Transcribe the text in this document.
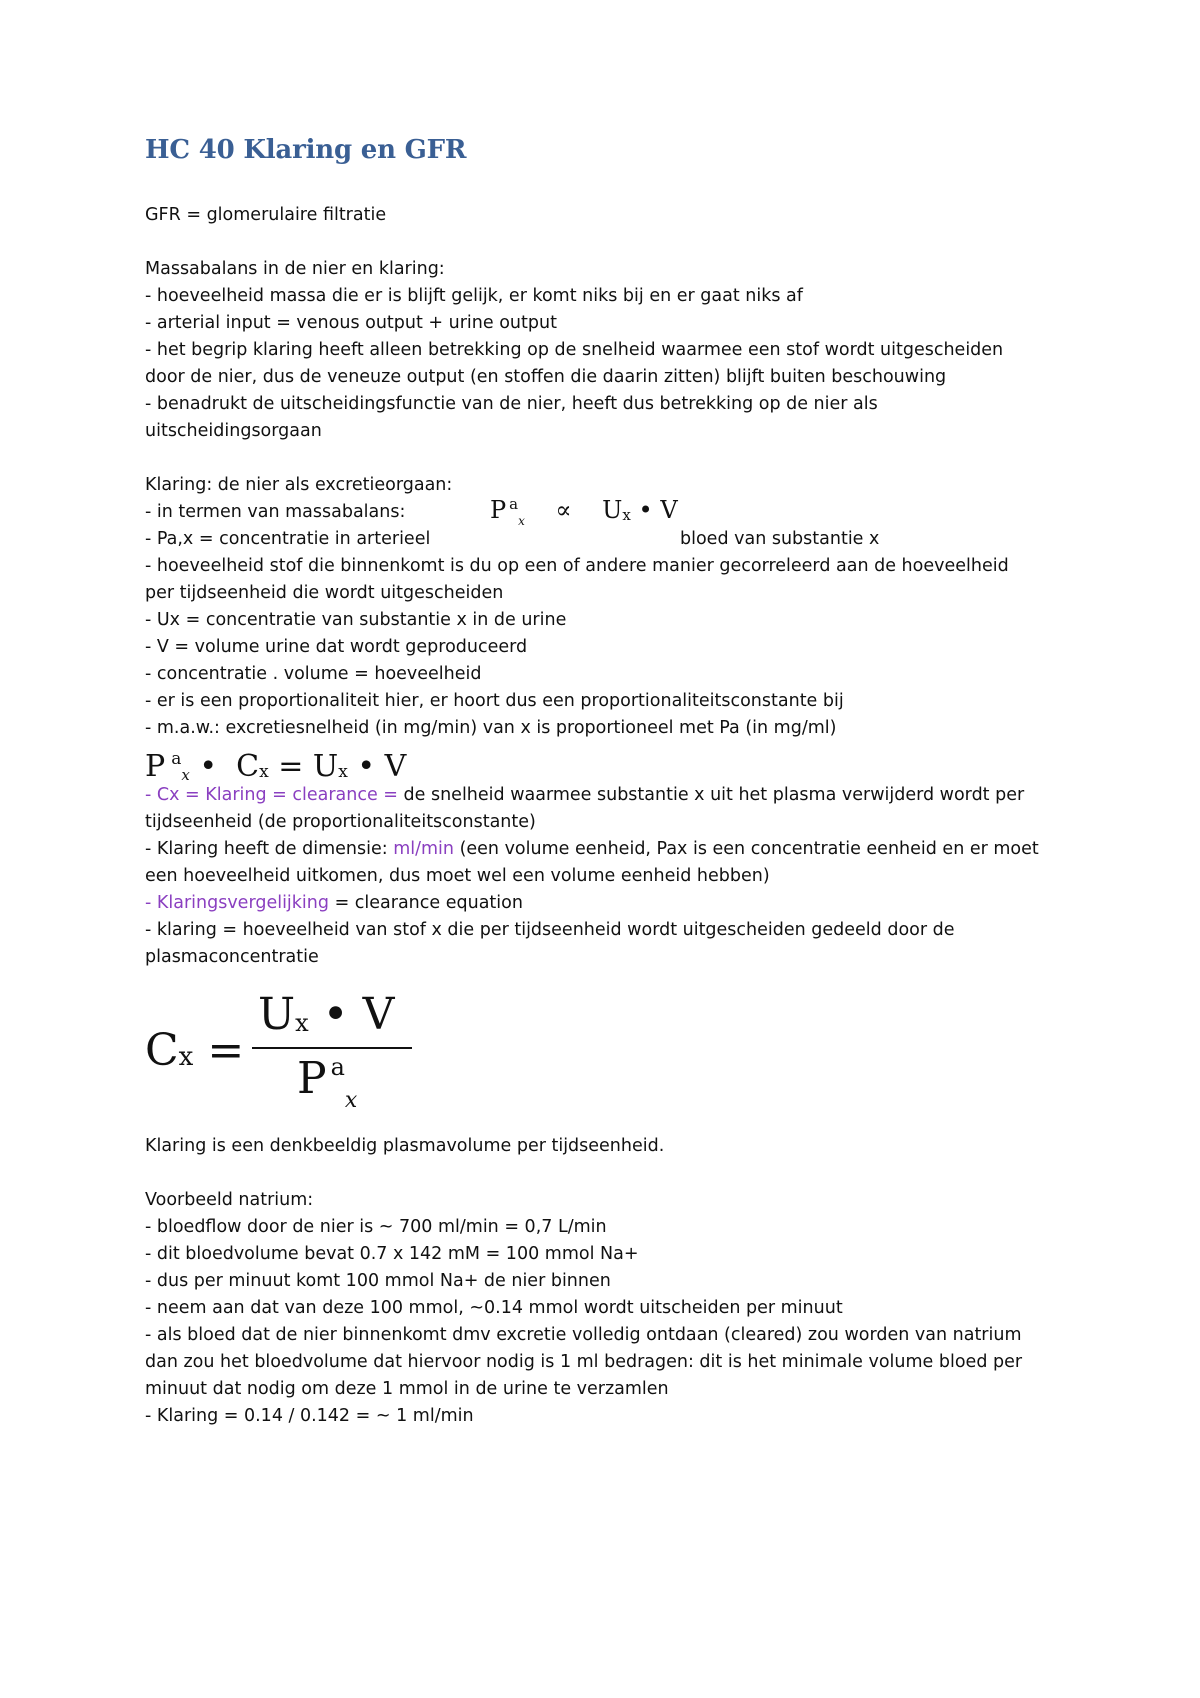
HC 40 Klaring en GFR
GFR = glomerulaire filtratie
Massabalans in de nier en klaring:
- hoeveelheid massa die er is blijft gelijk, er komt niks bij en er gaat niks af
- arterial input = venous output + urine output
- het begrip klaring heeft alleen betrekking op de snelheid waarmee een stof wordt uitgescheiden
door de nier, dus de veneuze output (en stoffen die daarin zitten) blijft buiten beschouwing
- benadrukt de uitscheidingsfunctie van de nier, heeft dus betrekking op de nier als
uitscheidingsorgaan
Klaring: de nier als excretieorgaan:
- in termen van massabalans:	P $^a_x$ ∝ Ux • V
- Pa,x = concentratie in arterieel	bloed van substantie x
- hoeveelheid stof die binnenkomt is du op een of andere manier gecorreleerd aan de hoeveelheid
per tijdseenheid die wordt uitgescheiden
- Ux = concentratie van substantie x in de urine
- V = volume urine dat wordt geproduceerd
- concentratie . volume = hoeveelheid
- er is een proportionaliteit hier, er hoort dus een proportionaliteitsconstante bij
- m.a.w.: excretiesnelheid (in mg/min) van x is proportioneel met Pa (in mg/ml)
P $^a_x$ • Cx = Ux • V
- Cx = Klaring = clearance = de snelheid waarmee substantie x uit het plasma verwijderd wordt per
tijdseenheid (de proportionaliteitsconstante)
- Klaring heeft de dimensie: ml/min (een volume eenheid, Pax is een concentratie eenheid en er moet
een hoeveelheid uitkomen, dus moet wel een volume eenheid hebben)
- Klaringsvergelijking = clearance equation
- klaring = hoeveelheid van stof x die per tijdseenheid wordt uitgescheiden gedeeld door de
plasmaconcentratie
Cx =
Ux • V
P $^a_x$
Klaring is een denkbeeldig plasmavolume per tijdseenheid.
Voorbeeld natrium:
- bloedflow door de nier is ~ 700 ml/min = 0,7 L/min
- dit bloedvolume bevat 0.7 x 142 mM = 100 mmol Na+
- dus per minuut komt 100 mmol Na+ de nier binnen
- neem aan dat van deze 100 mmol, ~0.14 mmol wordt uitscheiden per minuut
- als bloed dat de nier binnenkomt dmv excretie volledig ontdaan (cleared) zou worden van natrium
dan zou het bloedvolume dat hiervoor nodig is 1 ml bedragen: dit is het minimale volume bloed per
minuut dat nodig om deze 1 mmol in de urine te verzamlen
- Klaring = 0.14 / 0.142 = ~ 1 ml/min
